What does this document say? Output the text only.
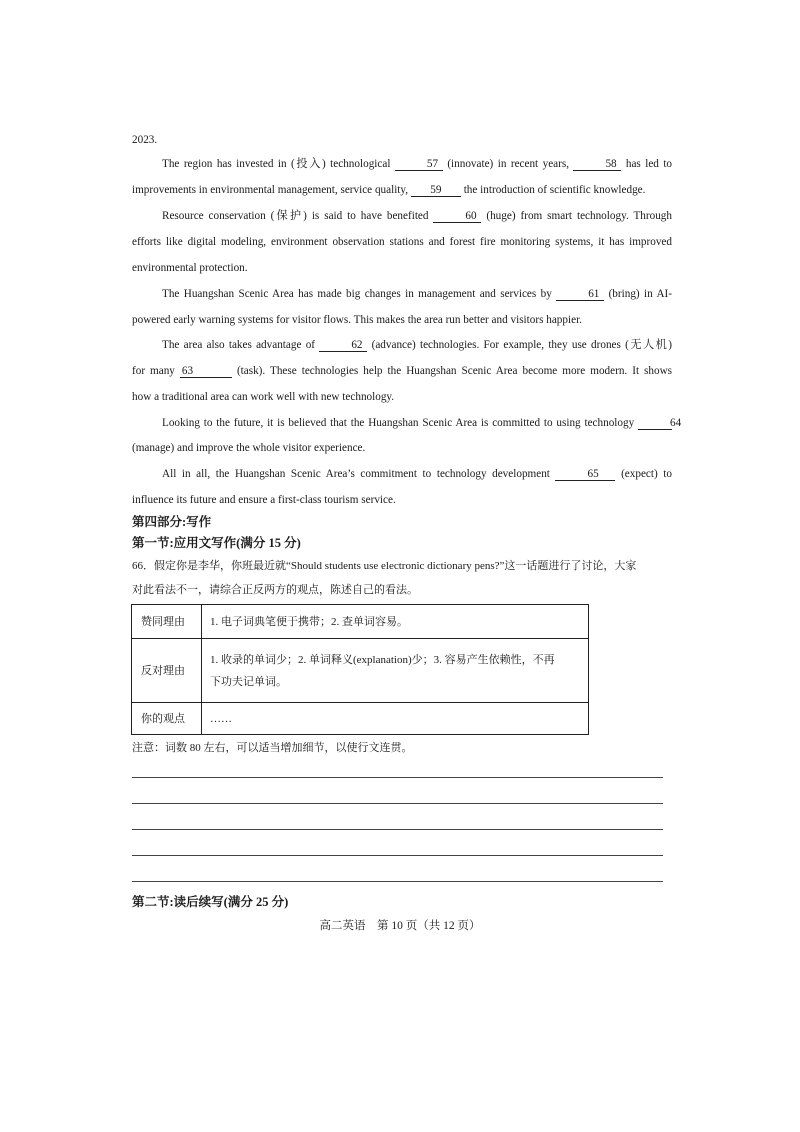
2023.
The region has invested in (投入) technological	57 (innovate) in recent years,	58 has led to
improvements in environmental management, service quality, 59 the introduction of scientific knowledge.
Resource conservation (保护) is said to have benefited	60 (huge) from smart technology. Through
efforts like digital modeling, environment observation stations and forest fire monitoring systems, it has improved
environmental protection.
The Huangshan Scenic Area has made big changes in management and services by	61 (bring) in AI-
powered early warning systems for visitor flows. This makes the area run better and visitors happier.
The area also takes advantage of	62 (advance) technologies. For example, they use drones (无人机)
for many 63	(task). These technologies help the Huangshan Scenic Area become more modern. It shows
how a traditional area can work well with new technology.
Looking to the future, it is believed that the Huangshan Scenic Area is committed to using technology	64
(manage) and improve the whole visitor experience.
All in all, the Huangshan Scenic Area’s commitment to technology development	65 (expect) to
influence its future and ensure a first-class tourism service.
第四部分:写作
第一节:应用文写作(满分 15 分)
66．假定你是李华，你班最近就“Should students use electronic dictionary pens?”这一话题进行了讨论，大家
对此看法不一，请综合正反两方的观点，陈述自己的看法。
赞同理由	1. 电子词典笔便于携带；2. 查单词容易。
反对理由	1. 收录的单词少；2. 单词释义(explanation)少；3. 容易产生依赖性，不再
下功夫记单词。

你的观点	……
注意：词数 80 左右，可以适当增加细节，以使行文连贯。
第二节:读后续写(满分 25 分)
高二英语　第 10 页（共 12 页）
